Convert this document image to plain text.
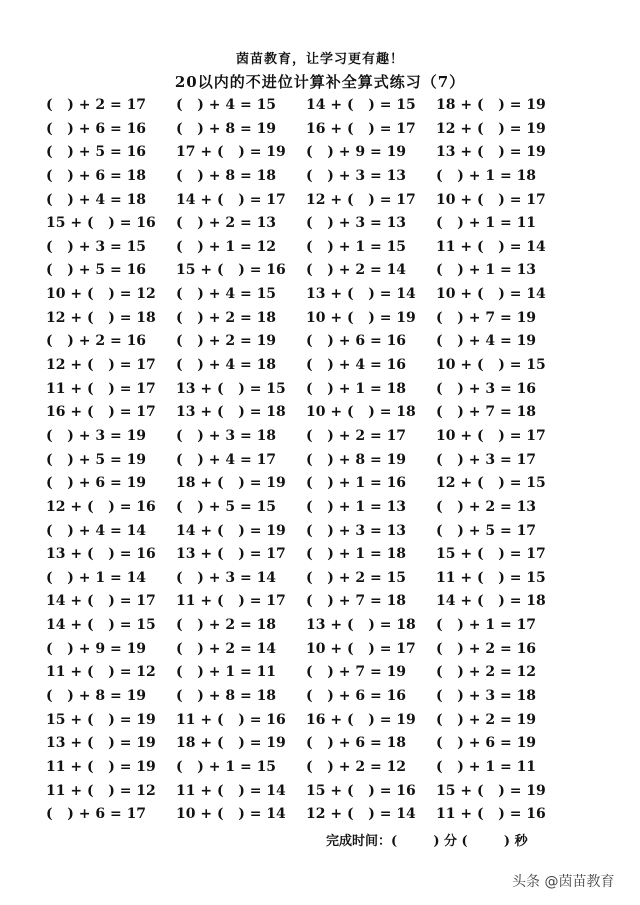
茵苗教育，让学习更有趣！
20以内的不进位计算补全算式练习（7）
(   ) + 2 = 17	(   ) + 4 = 15	14 + (   ) = 15	18 + (   ) = 19
(   ) + 6 = 16	(   ) + 8 = 19	16 + (   ) = 17	12 + (   ) = 19
(   ) + 5 = 16	17 + (   ) = 19	(   ) + 9 = 19	13 + (   ) = 19
(   ) + 6 = 18	(   ) + 8 = 18	(   ) + 3 = 13	(   ) + 1 = 18
(   ) + 4 = 18	14 + (   ) = 17	12 + (   ) = 17	10 + (   ) = 17
15 + (   ) = 16	(   ) + 2 = 13	(   ) + 3 = 13	(   ) + 1 = 11
(   ) + 3 = 15	(   ) + 1 = 12	(   ) + 1 = 15	11 + (   ) = 14
(   ) + 5 = 16	15 + (   ) = 16	(   ) + 2 = 14	(   ) + 1 = 13
10 + (   ) = 12	(   ) + 4 = 15	13 + (   ) = 14	10 + (   ) = 14
12 + (   ) = 18	(   ) + 2 = 18	10 + (   ) = 19	(   ) + 7 = 19
(   ) + 2 = 16	(   ) + 2 = 19	(   ) + 6 = 16	(   ) + 4 = 19
12 + (   ) = 17	(   ) + 4 = 18	(   ) + 4 = 16	10 + (   ) = 15
11 + (   ) = 17	13 + (   ) = 15	(   ) + 1 = 18	(   ) + 3 = 16
16 + (   ) = 17	13 + (   ) = 18	10 + (   ) = 18	(   ) + 7 = 18
(   ) + 3 = 19	(   ) + 3 = 18	(   ) + 2 = 17	10 + (   ) = 17
(   ) + 5 = 19	(   ) + 4 = 17	(   ) + 8 = 19	(   ) + 3 = 17
(   ) + 6 = 19	18 + (   ) = 19	(   ) + 1 = 16	12 + (   ) = 15
12 + (   ) = 16	(   ) + 5 = 15	(   ) + 1 = 13	(   ) + 2 = 13
(   ) + 4 = 14	14 + (   ) = 19	(   ) + 3 = 13	(   ) + 5 = 17
13 + (   ) = 16	13 + (   ) = 17	(   ) + 1 = 18	15 + (   ) = 17
(   ) + 1 = 14	(   ) + 3 = 14	(   ) + 2 = 15	11 + (   ) = 15
14 + (   ) = 17	11 + (   ) = 17	(   ) + 7 = 18	14 + (   ) = 18
14 + (   ) = 15	(   ) + 2 = 18	13 + (   ) = 18	(   ) + 1 = 17
(   ) + 9 = 19	(   ) + 2 = 14	10 + (   ) = 17	(   ) + 2 = 16
11 + (   ) = 12	(   ) + 1 = 11	(   ) + 7 = 19	(   ) + 2 = 12
(   ) + 8 = 19	(   ) + 8 = 18	(   ) + 6 = 16	(   ) + 3 = 18
15 + (   ) = 19	11 + (   ) = 16	16 + (   ) = 19	(   ) + 2 = 19
13 + (   ) = 19	18 + (   ) = 19	(   ) + 6 = 18	(   ) + 6 = 19
11 + (   ) = 19	(   ) + 1 = 15	(   ) + 2 = 12	(   ) + 1 = 11
11 + (   ) = 12	11 + (   ) = 14	15 + (   ) = 16	15 + (   ) = 19
(   ) + 6 = 17	10 + (   ) = 14	12 + (   ) = 14	11 + (   ) = 16
完成时间：(        ) 分 (        ) 秒
头条 @茵苗教育
